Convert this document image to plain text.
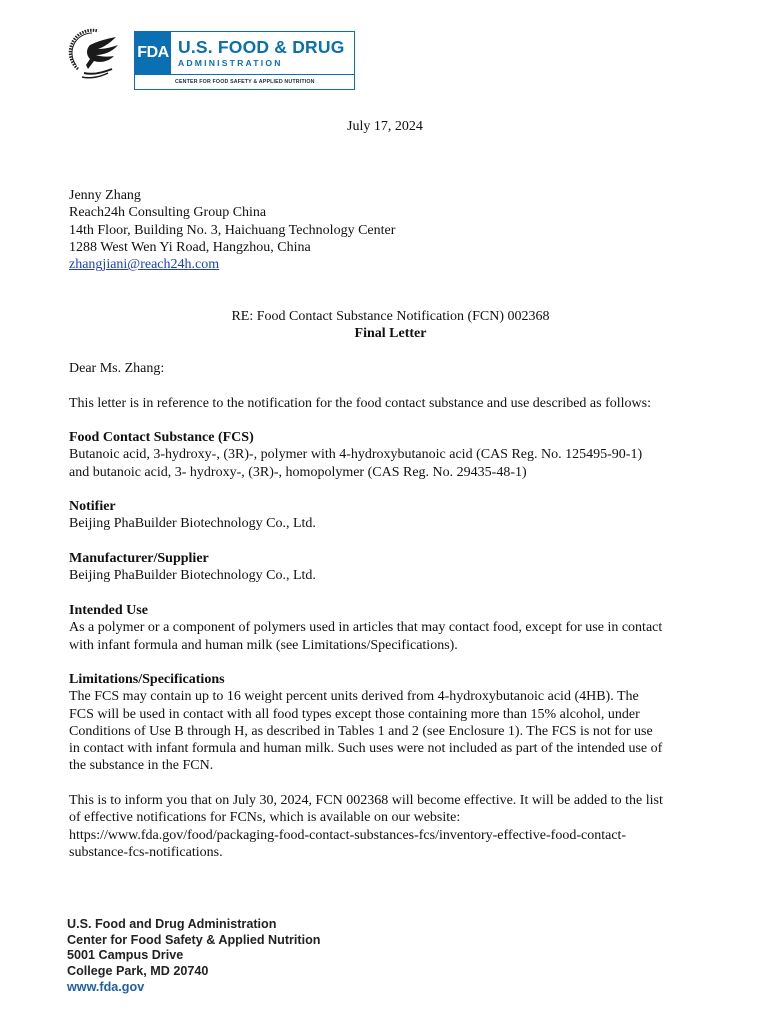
FDA U.S. FOOD & DRUG
ADMINISTRATION
CENTER FOR FOOD SAFETY & APPLIED NUTRITION

July 17, 2024

Jenny Zhang
Reach24h Consulting Group China
14th Floor, Building No. 3, Haichuang Technology Center
1288 West Wen Yi Road, Hangzhou, China
zhangjiani@reach24h.com
RE: Food Contact Substance Notification (FCN) 002368
Final Letter

Dear Ms. Zhang:

This letter is in reference to the notification for the food contact substance and use described as follows:

Food Contact Substance (FCS)
Butanoic acid, 3-hydroxy-, (3R)-, polymer with 4-hydroxybutanoic acid (CAS Reg. No. 125495-90-1)
and butanoic acid, 3- hydroxy-, (3R)-, homopolymer (CAS Reg. No. 29435-48-1)
Notifier
Beijing PhaBuilder Biotechnology Co., Ltd.
Manufacturer/Supplier
Beijing PhaBuilder Biotechnology Co., Ltd.
Intended Use
As a polymer or a component of polymers used in articles that may contact food, except for use in contact
with infant formula and human milk (see Limitations/Specifications).
Limitations/Specifications
The FCS may contain up to 16 weight percent units derived from 4-hydroxybutanoic acid (4HB). The
FCS will be used in contact with all food types except those containing more than 15% alcohol, under
Conditions of Use B through H, as described in Tables 1 and 2 (see Enclosure 1). The FCS is not for use
in contact with infant formula and human milk. Such uses were not included as part of the intended use of
the substance in the FCN.
This is to inform you that on July 30, 2024, FCN 002368 will become effective. It will be added to the list
of effective notifications for FCNs, which is available on our website:
https://www.fda.gov/food/packaging-food-contact-substances-fcs/inventory-effective-food-contact-
substance-fcs-notifications.
U.S. Food and Drug Administration
Center for Food Safety & Applied Nutrition
5001 Campus Drive
College Park, MD 20740
www.fda.gov
